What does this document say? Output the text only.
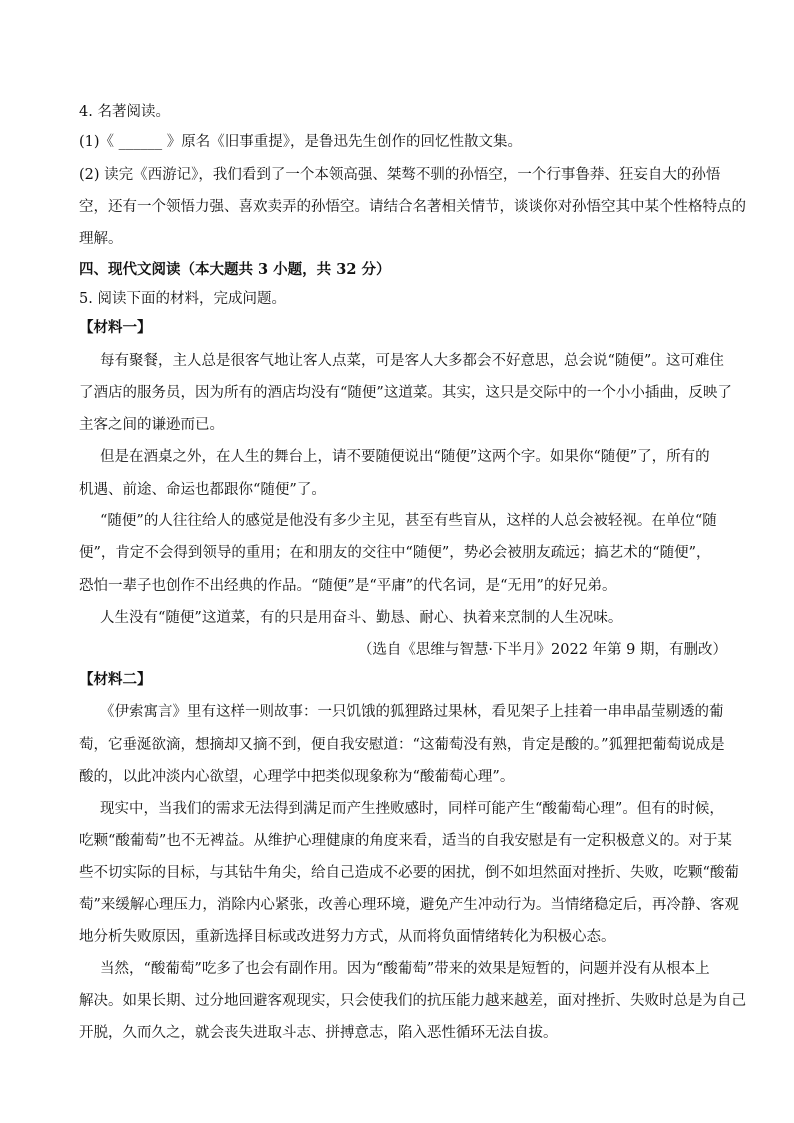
4. 名著阅读。
(1)《 ______ 》原名《旧事重提》，是鲁迅先生创作的回忆性散文集。
(2) 读完《西游记》，我们看到了一个本领高强、桀骜不驯的孙悟空，一个行事鲁莽、狂妄自大的孙悟
空，还有一个领悟力强、喜欢卖弄的孙悟空。请结合名著相关情节，谈谈你对孙悟空其中某个性格特点的
理解。
四、现代文阅读（本大题共 3 小题，共 32 分）
5. 阅读下面的材料，完成问题。
【材料一】
每有聚餐，主人总是很客气地让客人点菜，可是客人大多都会不好意思，总会说“随便”。这可难住
了酒店的服务员，因为所有的酒店均没有“随便”这道菜。其实，这只是交际中的一个小小插曲，反映了
主客之间的谦逊而已。
但是在酒桌之外，在人生的舞台上，请不要随便说出“随便”这两个字。如果你“随便”了，所有的
机遇、前途、命运也都跟你“随便”了。
“随便”的人往往给人的感觉是他没有多少主见，甚至有些盲从，这样的人总会被轻视。在单位“随
便”，肯定不会得到领导的重用；在和朋友的交往中“随便”，势必会被朋友疏远；搞艺术的“随便”，
恐怕一辈子也创作不出经典的作品。“随便”是“平庸”的代名词，是“无用”的好兄弟。
人生没有“随便”这道菜，有的只是用奋斗、勤恳、耐心、执着来烹制的人生况味。
（选自《思维与智慧·下半月》2022 年第 9 期，有删改）
【材料二】
《伊索寓言》里有这样一则故事：一只饥饿的狐狸路过果林，看见架子上挂着一串串晶莹剔透的葡
萄，它垂涎欲滴，想摘却又摘不到，便自我安慰道：“这葡萄没有熟，肯定是酸的。”狐狸把葡萄说成是
酸的，以此冲淡内心欲望，心理学中把类似现象称为“酸葡萄心理”。
现实中，当我们的需求无法得到满足而产生挫败感时，同样可能产生“酸葡萄心理”。但有的时候，
吃颗“酸葡萄”也不无裨益。从维护心理健康的角度来看，适当的自我安慰是有一定积极意义的。对于某
些不切实际的目标，与其钻牛角尖，给自己造成不必要的困扰，倒不如坦然面对挫折、失败，吃颗“酸葡
萄”来缓解心理压力，消除内心紧张，改善心理环境，避免产生冲动行为。当情绪稳定后，再冷静、客观
地分析失败原因，重新选择目标或改进努力方式，从而将负面情绪转化为积极心态。
当然，“酸葡萄”吃多了也会有副作用。因为“酸葡萄”带来的效果是短暂的，问题并没有从根本上
解决。如果长期、过分地回避客观现实，只会使我们的抗压能力越来越差，面对挫折、失败时总是为自己
开脱，久而久之，就会丧失进取斗志、拼搏意志，陷入恶性循环无法自拔。
